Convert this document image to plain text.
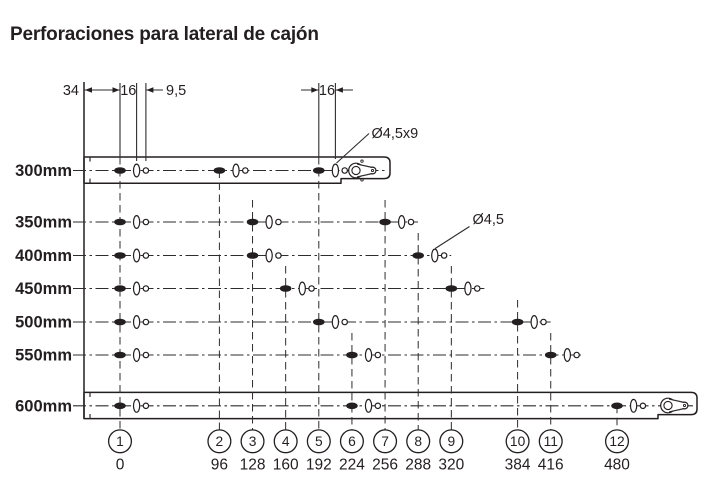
Perforaciones para lateral de cajón
34	16 9,5	16
300mm
350mm
400mm
450mm
500mm
550mm
600mm
Ø4,5x9
Ø4,5
1
0
2
96
3
128
4
160
5
192
6
224
7
256
8
288
9
320
10
384
11
416
12
480
